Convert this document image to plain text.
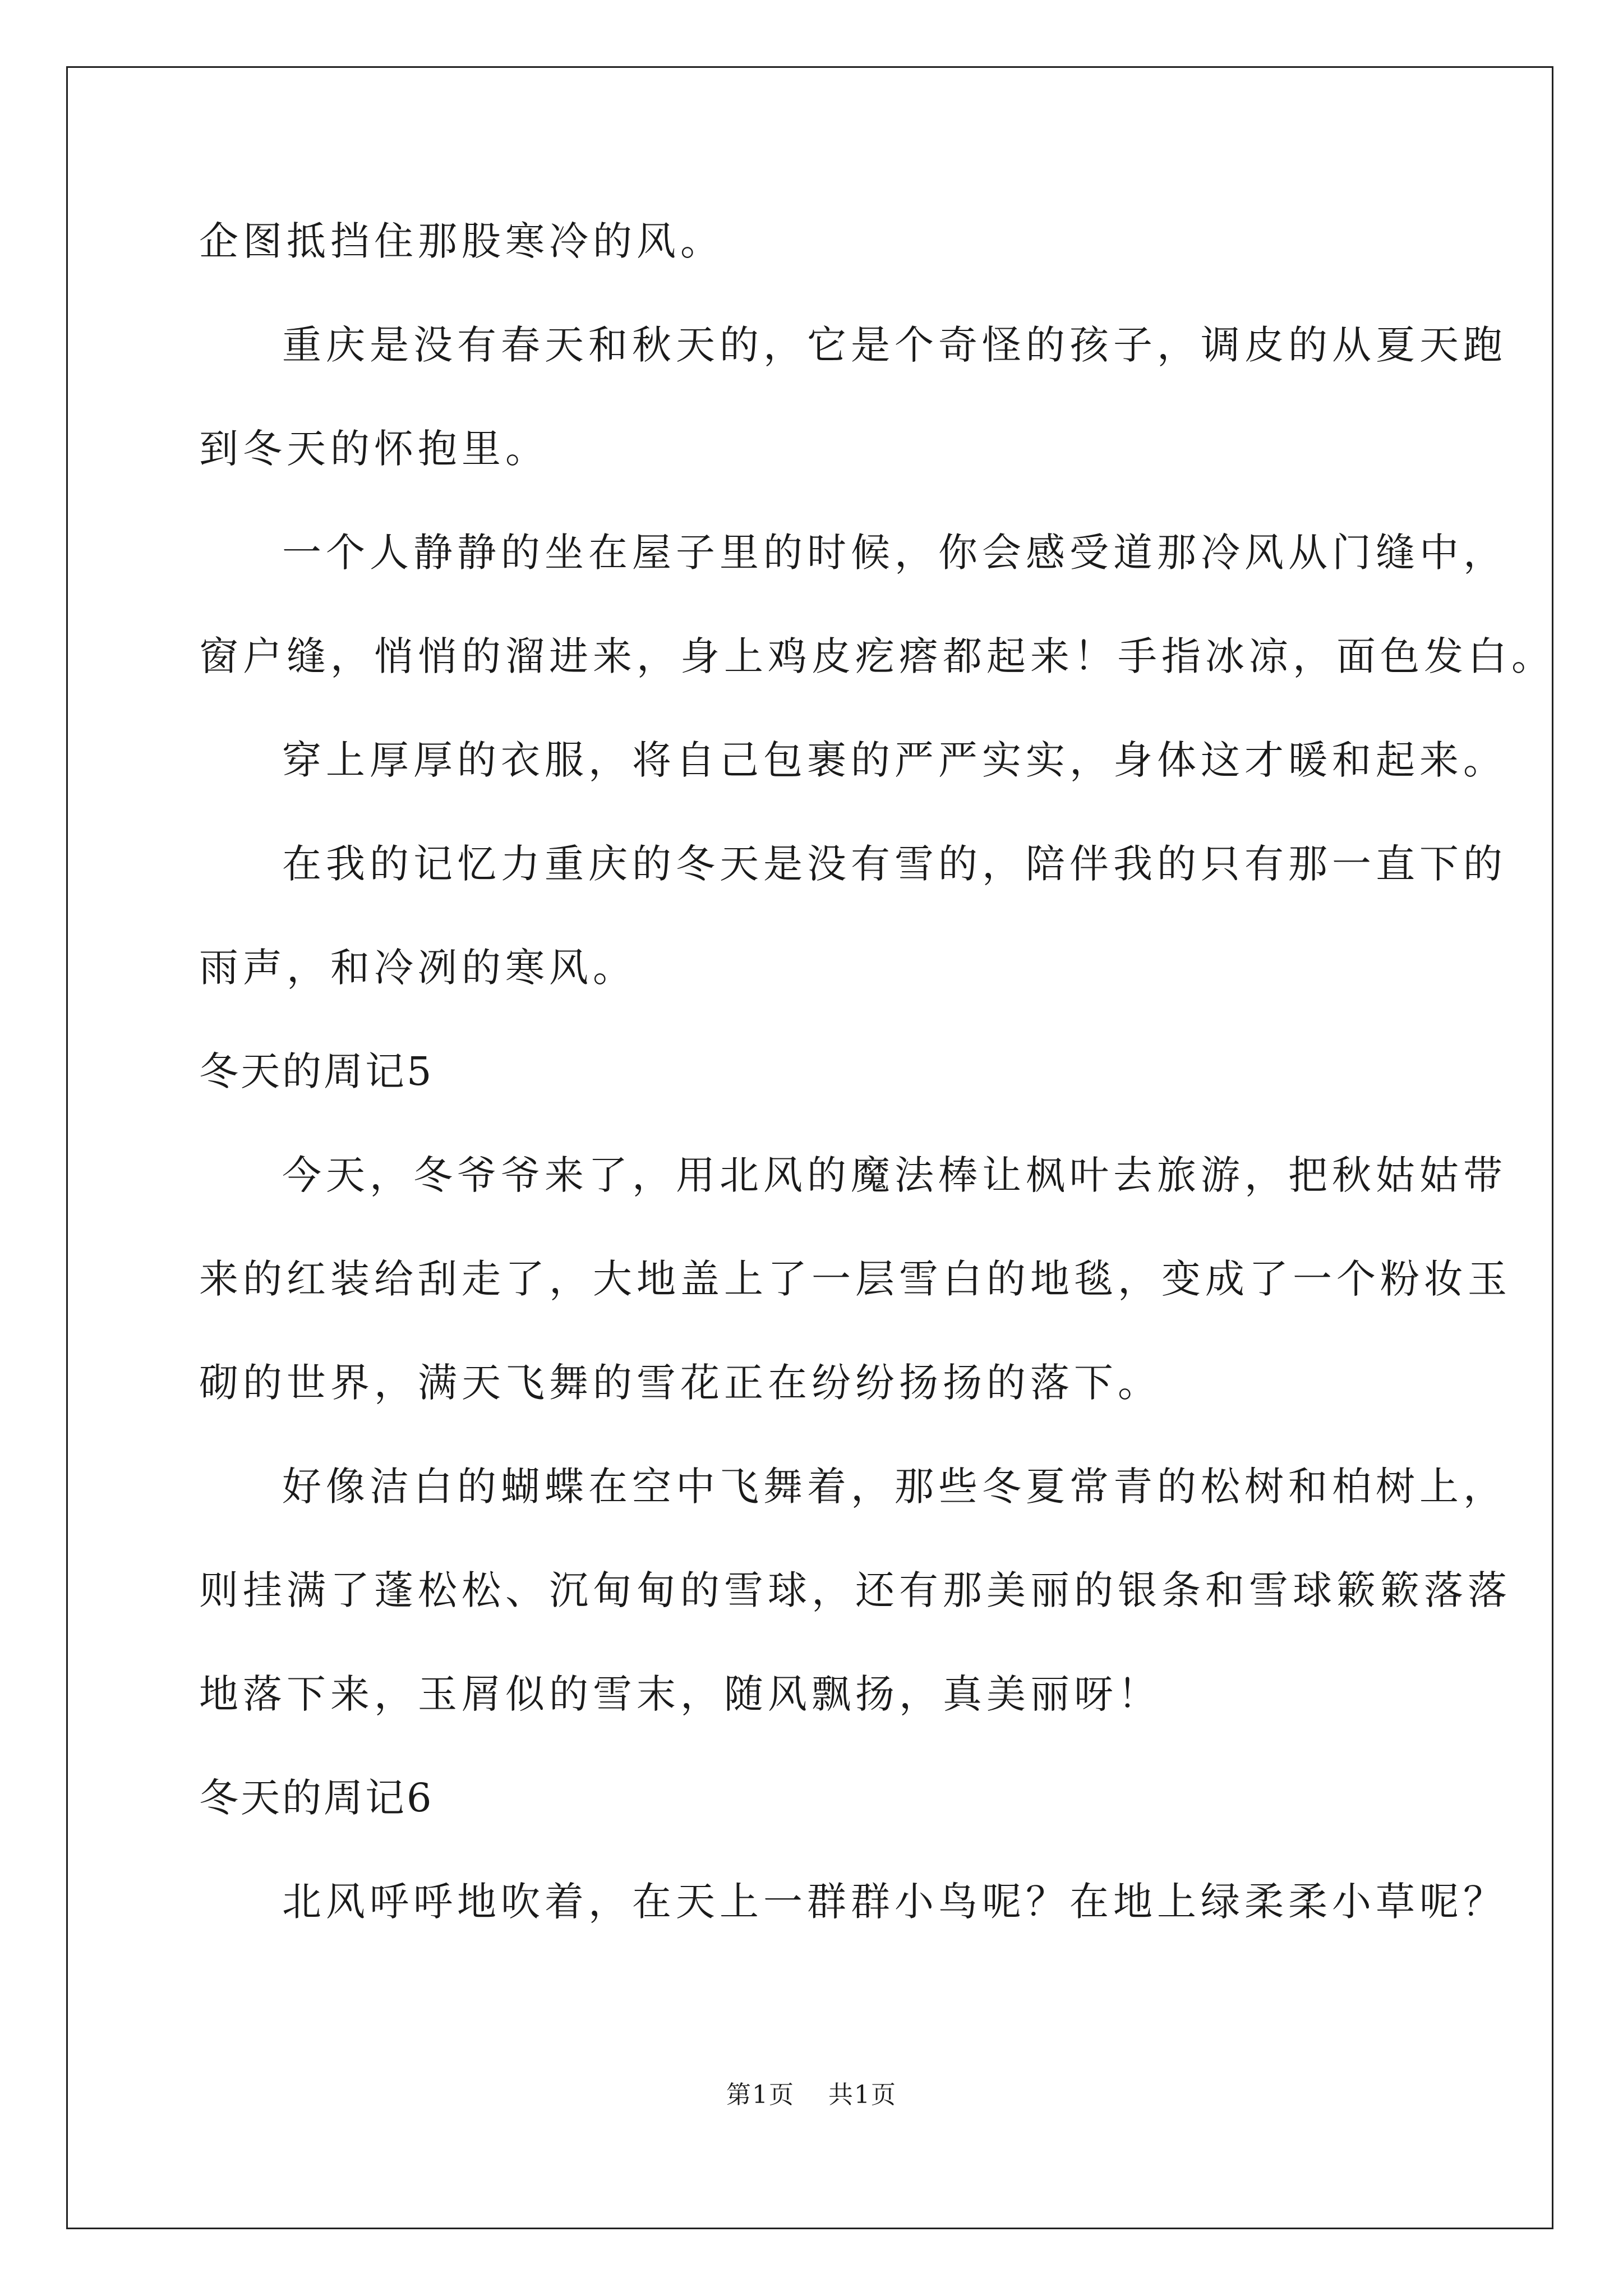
企图抵挡住那股寒冷的风。
重庆是没有春天和秋天的，它是个奇怪的孩子，调皮的从夏天跑
到冬天的怀抱里。
一个人静静的坐在屋子里的时候，你会感受道那冷风从门缝中，
窗户缝，悄悄的溜进来，身上鸡皮疙瘩都起来！手指冰凉，面色发白。
穿上厚厚的衣服，将自己包裹的严严实实，身体这才暖和起来。
在我的记忆力重庆的冬天是没有雪的，陪伴我的只有那一直下的
雨声，和冷冽的寒风。
冬天的周记5
今天，冬爷爷来了，用北风的魔法棒让枫叶去旅游，把秋姑姑带
来的红装给刮走了，大地盖上了一层雪白的地毯，变成了一个粉妆玉
砌的世界，满天飞舞的雪花正在纷纷扬扬的落下。
好像洁白的蝴蝶在空中飞舞着，那些冬夏常青的松树和柏树上，
则挂满了蓬松松、沉甸甸的雪球，还有那美丽的银条和雪球簌簌落落
地落下来，玉屑似的雪末，随风飘扬，真美丽呀！
冬天的周记6
北风呼呼地吹着，在天上一群群小鸟呢？在地上绿柔柔小草呢？
第1页 共1页
